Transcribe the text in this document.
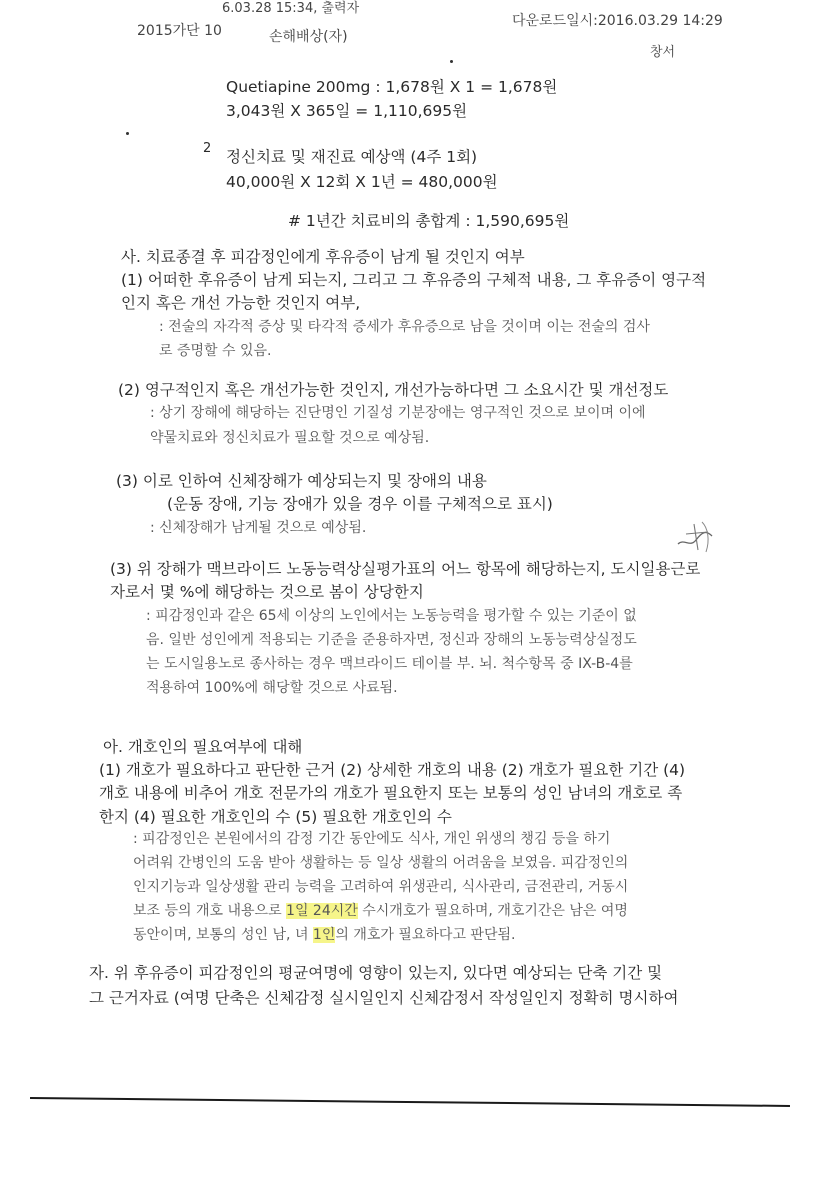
6.03.28 15:34, 출력자
2015가단 10	손해배상(자)
다운로드일시:2016.03.29 14:29
창서
Quetiapine 200mg : 1,678원 X 1 = 1,678원
3,043원 X 365일 = 1,110,695원
2 정신치료 및 재진료 예상액 (4주 1회)
40,000원 X 12회 X 1년 = 480,000원
# 1년간 치료비의 총합계 : 1,590,695원
사. 치료종결 후 피감정인에게 후유증이 남게 될 것인지 여부
(1) 어떠한 후유증이 남게 되는지, 그리고 그 후유증의 구체적 내용, 그 후유증이 영구적
인지 혹은 개선 가능한 것인지 여부,
: 전술의 자각적 증상 및 타각적 증세가 후유증으로 남을 것이며 이는 전술의 검사
로 증명할 수 있음.
(2) 영구적인지 혹은 개선가능한 것인지, 개선가능하다면 그 소요시간 및 개선정도
: 상기 장해에 해당하는 진단명인 기질성 기분장애는 영구적인 것으로 보이며 이에
약물치료와 정신치료가 필요할 것으로 예상됨.
(3) 이로 인하여 신체장해가 예상되는지 및 장애의 내용
(운동 장애, 기능 장애가 있을 경우 이를 구체적으로 표시)
: 신체장해가 남게될 것으로 예상됨.
(3) 위 장해가 맥브라이드 노동능력상실평가표의 어느 항목에 해당하는지, 도시일용근로
자로서 몇 %에 해당하는 것으로 봄이 상당한지
: 피감정인과 같은 65세 이상의 노인에서는 노동능력을 평가할 수 있는 기준이 없
음. 일반 성인에게 적용되는 기준을 준용하자면, 정신과 장해의 노동능력상실정도
는 도시일용노로 종사하는 경우 맥브라이드 테이블 부. 뇌. 척수항목 중 IX-B-4를
적용하여 100%에 해당할 것으로 사료됨.
아. 개호인의 필요여부에 대해
(1) 개호가 필요하다고 판단한 근거 (2) 상세한 개호의 내용 (2) 개호가 필요한 기간 (4)
개호 내용에 비추어 개호 전문가의 개호가 필요한지 또는 보통의 성인 남녀의 개호로 족
한지 (4) 필요한 개호인의 수 (5) 필요한 개호인의 수
: 피감정인은 본원에서의 감정 기간 동안에도 식사, 개인 위생의 챙김 등을 하기
어려워 간병인의 도움 받아 생활하는 등 일상 생활의 어려움을 보였음. 피감정인의
인지기능과 일상생활 관리 능력을 고려하여 위생관리, 식사관리, 금전관리, 거동시
보조 등의 개호 내용으로 1일 24시간 수시개호가 필요하며, 개호기간은 남은 여명
동안이며, 보통의 성인 남, 녀 1인의 개호가 필요하다고 판단됨.
자. 위 후유증이 피감정인의 평균여명에 영향이 있는지, 있다면 예상되는 단축 기간 및
그 근거자료 (여명 단축은 신체감정 실시일인지 신체감정서 작성일인지 정확히 명시하여
